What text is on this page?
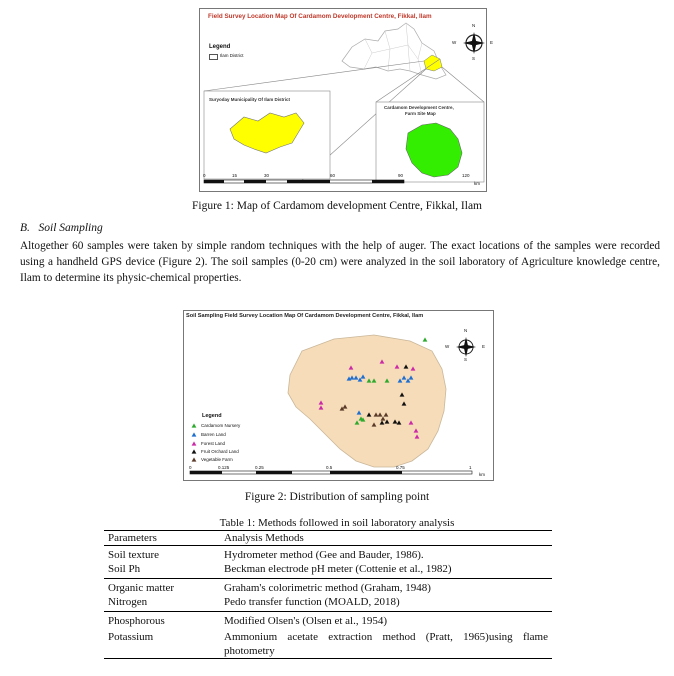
Field Survey Location Map Of Cardamom Development Centre, Fikkal, Ilam
Legend
Ilam District
Suryoday Municipality Of Ilam District
Cardamom Development Centre,
Farm Site Map
N
W	E
S
0	15	30	60	90	120
km
Figure 1: Map of Cardamom development Centre, Fikkal, Ilam
B. Soil Sampling
Altogether 60 samples were taken by simple random techniques with the help of auger. The exact locations of the samples were recorded using a handheld GPS device (Figure 2). The soil samples (0-20 cm) were analyzed in the soil laboratory of Agriculture knowledge centre, Ilam to determine its physic-chemical properties.
Soil Sampling Field Survey Location Map Of Cardamom Development Centre, Fikkal, Ilam
Legend
Cardamom Nursery
Barren Land
Forest Land
Fruit Orchard Land
Vegetable Farm
N
W	E
S
0	0.125	0.25	0.5	0.75	1
km
Figure 2: Distribution of sampling point
Table 1: Methods followed in soil laboratory analysis
Parameters	Analysis Methods
Soil texture	Hydrometer method (Gee and Bauder, 1986).
Soil Ph	Beckman electrode pH meter (Cottenie et al., 1982)
Organic matter	Graham's colorimetric method (Graham, 1948)
Nitrogen	Pedo transfer function (MOALD, 2018)
Phosphorous	Modified Olsen's (Olsen et al., 1954)
Potassium	Ammonium acetate extraction method (Pratt, 1965)using flame photometry
